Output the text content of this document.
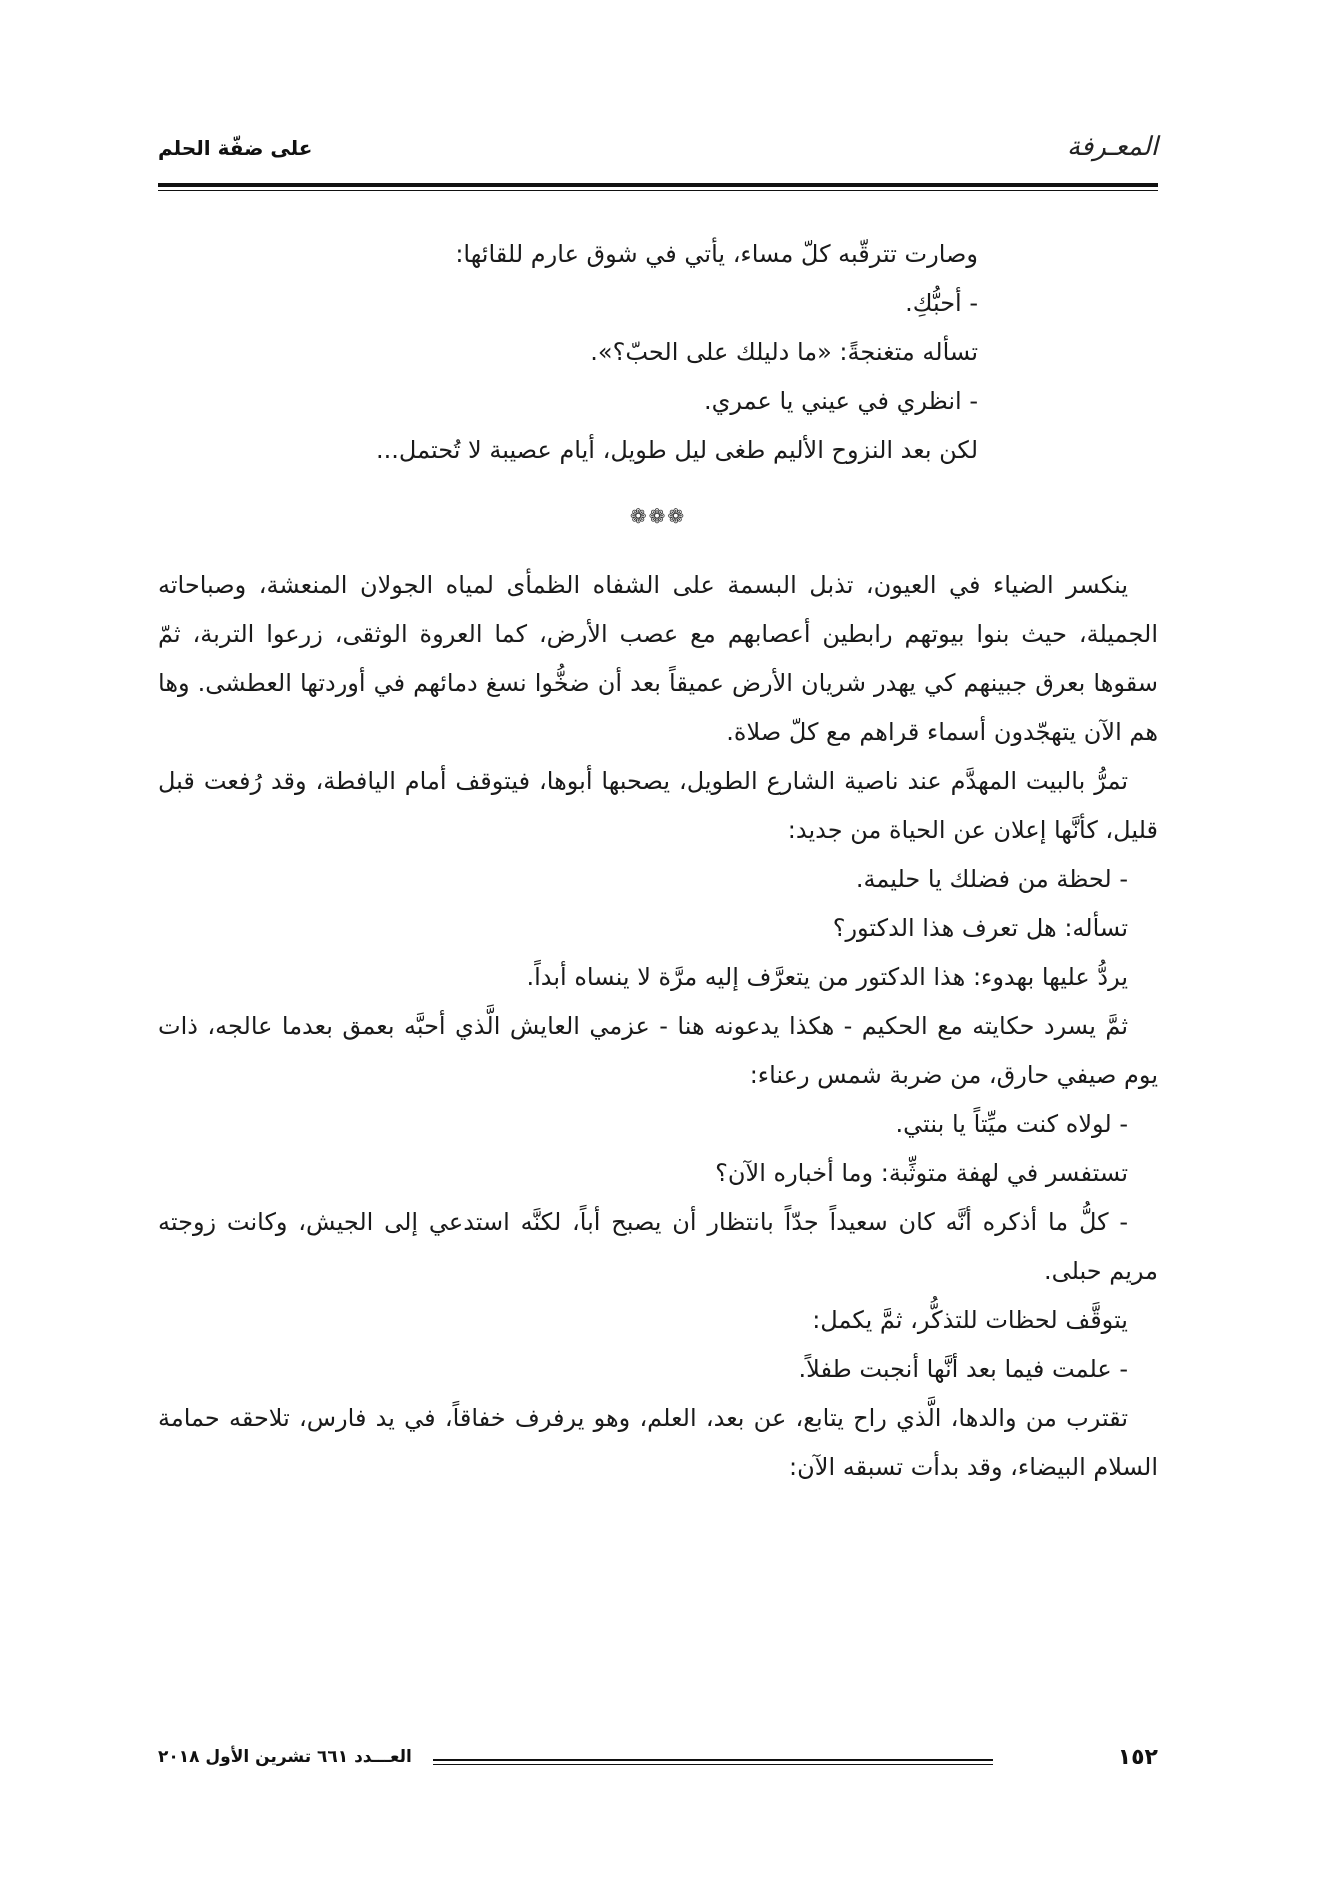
المعـرفة
على ضفّة الحلم

وصارت تترقّبه كلّ مساء، يأتي في شوق عارم للقائها:

- أحبُّكِ.

تسأله متغنجةً: «ما دليلك على الحبّ؟».

- انظري في عيني يا عمري.

لكن بعد النزوح الأليم طغى ليل طويل، أيام عصيبة لا تُحتمل...

❁❁❁

ينكسر الضياء في العيون، تذبل البسمة على الشفاه الظمأى لمياه الجولان المنعشة، وصباحاته الجميلة، حيث بنوا بيوتهم رابطين أعصابهم مع عصب الأرض، كما العروة الوثقى، زرعوا التربة، ثمّ سقوها بعرق جبينهم كي يهدر شريان الأرض عميقاً بعد أن ضخُّوا نسغ دمائهم في أوردتها العطشى. وها هم الآن يتهجّدون أسماء قراهم مع كلّ صلاة.

تمرُّ بالبيت المهدَّم عند ناصية الشارع الطويل، يصحبها أبوها، فيتوقف أمام اليافطة، وقد رُفعت قبل قليل، كأنَّها إعلان عن الحياة من جديد:

- لحظة من فضلك يا حليمة.

تسأله: هل تعرف هذا الدكتور؟

يردُّ عليها بهدوء: هذا الدكتور من يتعرَّف إليه مرَّة لا ينساه أبداً.

ثمَّ يسرد حكايته مع الحكيم - هكذا يدعونه هنا - عزمي العايش الَّذي أحبَّه بعمق بعدما عالجه، ذات يوم صيفي حارق، من ضربة شمس رعناء:

- لولاه كنت ميِّتاً يا بنتي.

تستفسر في لهفة متوثِّبة: وما أخباره الآن؟

- كلُّ ما أذكره أنَّه كان سعيداً جدّاً بانتظار أن يصبح أباً، لكنَّه استدعي إلى الجيش، وكانت زوجته مريم حبلى.

يتوقَّف لحظات للتذكُّر، ثمَّ يكمل:

- علمت فيما بعد أنَّها أنجبت طفلاً.

تقترب من والدها، الَّذي راح يتابع، عن بعد، العلم، وهو يرفرف خفاقاً، في يد فارس، تلاحقه حمامة السلام البيضاء، وقد بدأت تسبقه الآن:

١٥٢
العـــدد ٦٦١ تشرين الأول ٢٠١٨
